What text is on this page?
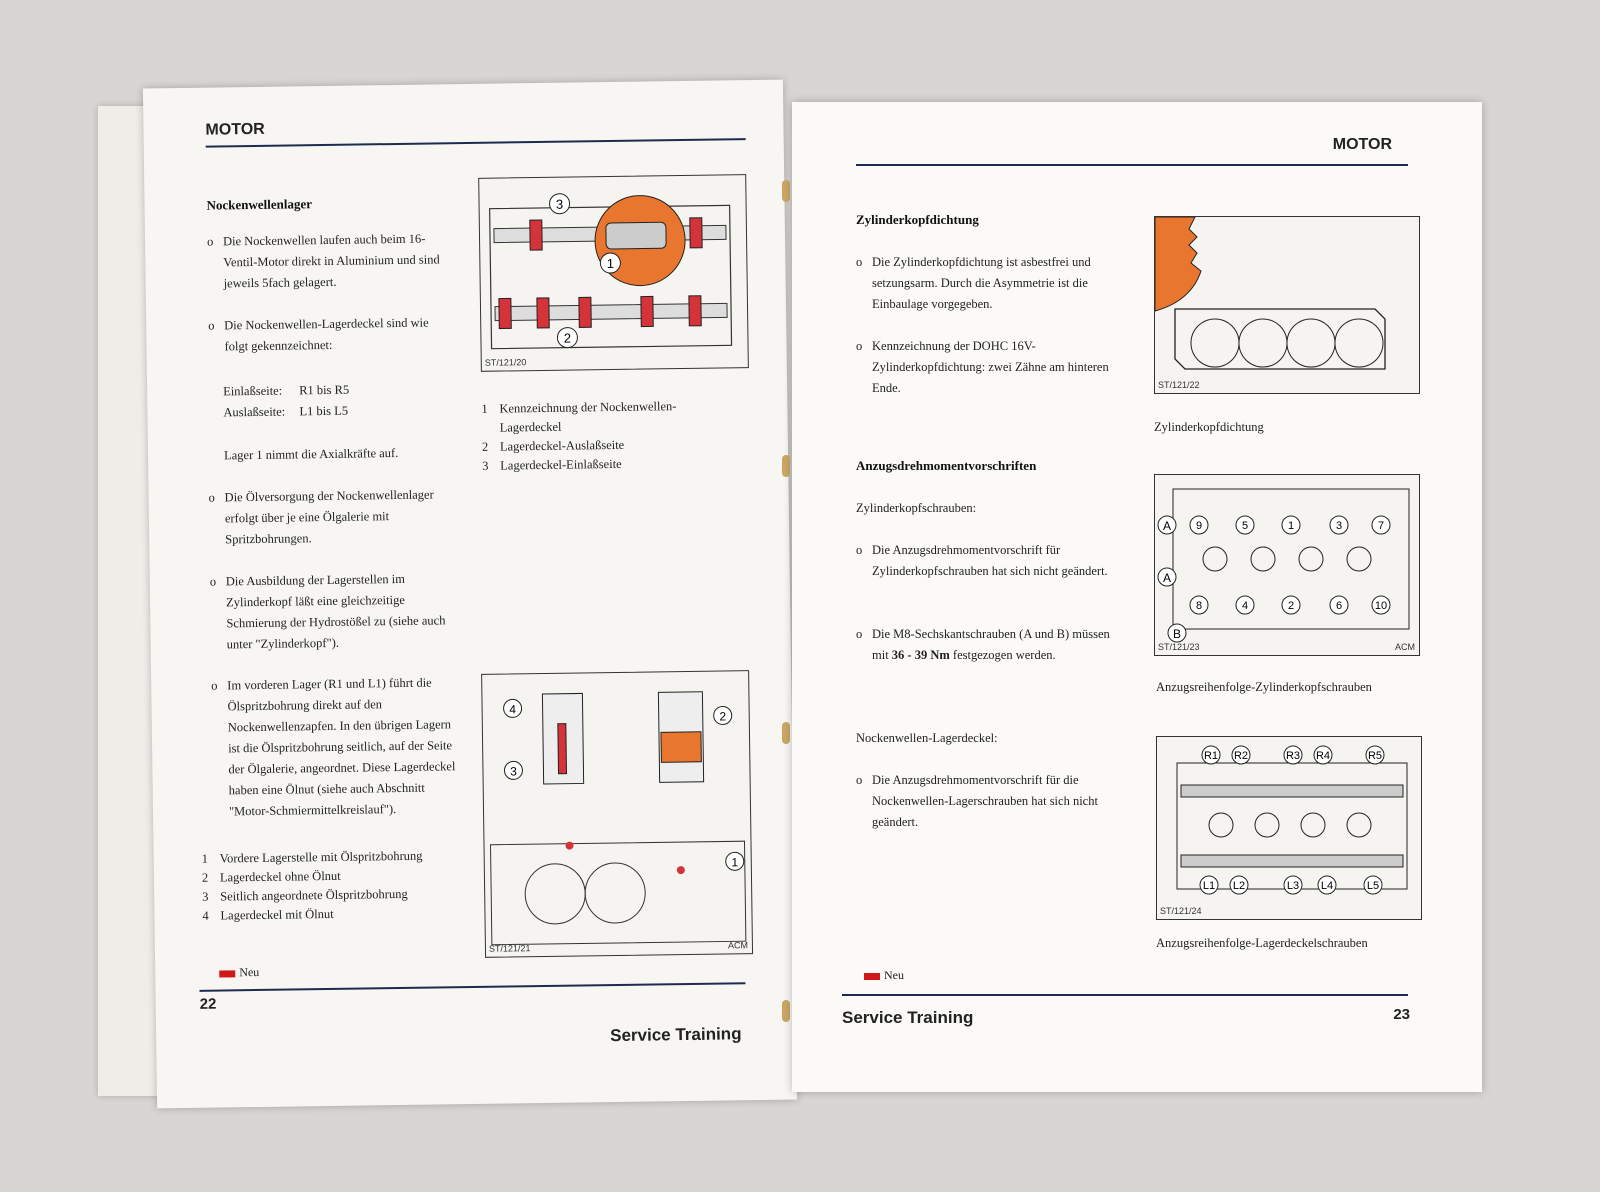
MOTOR
Nockenwellenlager
o Die Nockenwellen laufen auch beim 16-Ventil-Motor direkt in Aluminium und sind jeweils 5fach gelagert.
o Die Nockenwellen-Lagerdeckel sind wie folgt gekennzeichnet:
Einlaßseite: R1 bis R5
Auslaßseite: L1 bis L5
Lager 1 nimmt die Axialkräfte auf.
o Die Ölversorgung der Nockenwellenlager erfolgt über je eine Ölgalerie mit Spritzbohrungen.
o Die Ausbildung der Lagerstellen im Zylinderkopf läßt eine gleichzeitige Schmierung der Hydrostößel zu (siehe auch unter "Zylinderkopf").
o Im vorderen Lager (R1 und L1) führt die Ölspritzbohrung direkt auf den Nockenwellenzapfen. In den übrigen Lagern ist die Ölspritzbohrung seitlich, auf der Seite der Ölgalerie, angeordnet. Diese Lagerdeckel haben eine Ölnut (siehe auch Abschnitt "Motor-Schmiermittelkreislauf").
1 Vordere Lagerstelle mit Ölspritzbohrung
2 Lagerdeckel ohne Ölnut
3 Seitlich angeordnete Ölspritzbohrung
4 Lagerdeckel mit Ölnut
3
1
2
ST/121/20
1 Kennzeichnung der Nockenwellen-Lagerdeckel
2 Lagerdeckel-Auslaßseite
3 Lagerdeckel-Einlaßseite
4
2
3
1
ST/121/21	ACM
Neu
22
Service Training
MOTOR
Zylinderkopfdichtung
o Die Zylinderkopfdichtung ist asbestfrei und setzungsarm. Durch die Asymmetrie ist die Einbaulage vorgegeben.
o Kennzeichnung der DOHC 16V-Zylinderkopfdichtung: zwei Zähne am hinteren Ende.	ST/121/22
Zylinderkopfdichtung
Anzugsdrehmomentvorschriften
Zylinderkopfschrauben:
o Die Anzugsdrehmomentvorschrift für Zylinderkopfschrauben hat sich nicht geändert.
o Die M8-Sechskantschrauben (A und B) müssen mit 36 - 39 Nm festgezogen werden.
9	5	1	3	7
8	4	2	6	10
A
A
B
ST/121/23	ACM
Anzugsreihenfolge-Zylinderkopfschrauben
Nockenwellen-Lagerdeckel:
o Die Anzugsdrehmomentvorschrift für die Nockenwellen-Lagerschrauben hat sich nicht geändert.
R1 R2	R3 R4	R5
L1 L2	L3 L4	L5
ST/121/24
Anzugsreihenfolge-Lagerdeckelschrauben
Neu
Service Training	23
